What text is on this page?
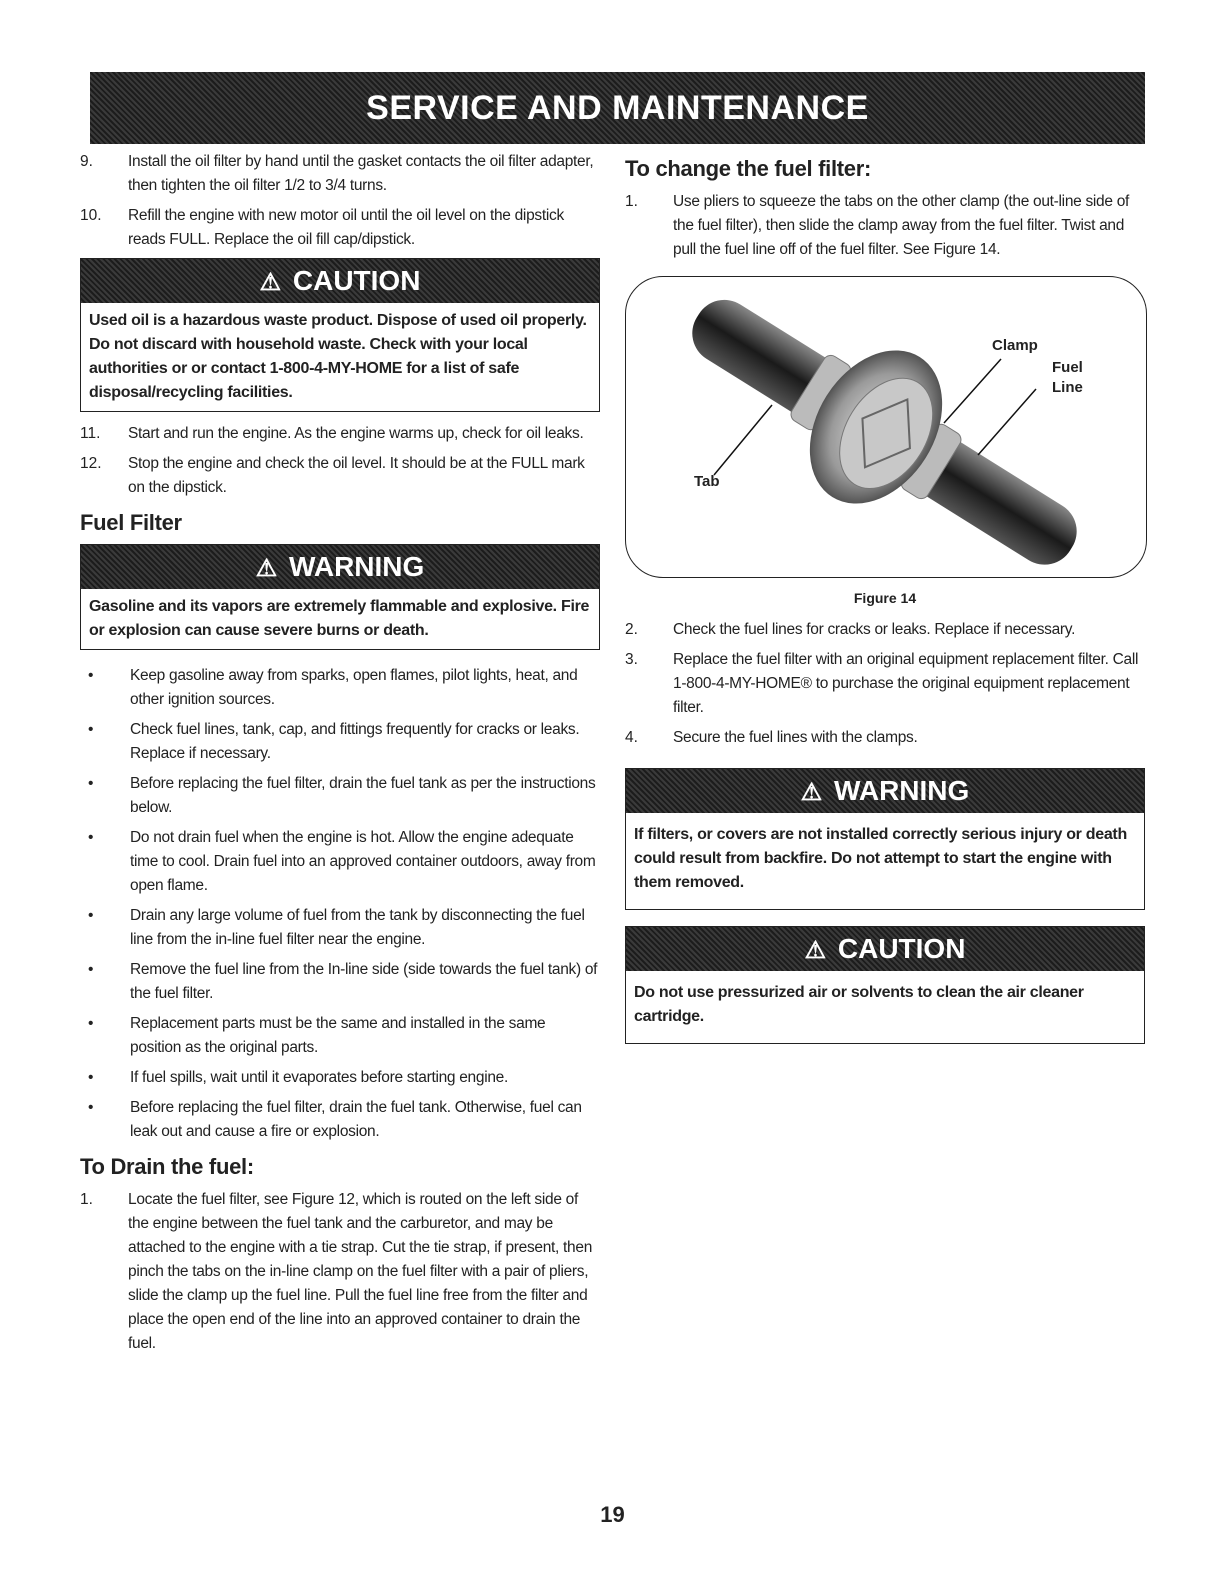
SERVICE AND MAINTENANCE
9.	Install the oil filter by hand until the gasket contacts the oil filter adapter, then tighten the oil filter 1/2 to 3/4 turns.
10.	Refill the engine with new motor oil until the oil level on the dipstick reads FULL. Replace the oil fill cap/dipstick.
⚠ CAUTION
Used oil is a hazardous waste product. Dispose of used oil properly. Do not discard with household waste. Check with your local authorities or or contact 1-800-4-MY-HOME for a list of safe disposal/recycling facilities.
11.	Start and run the engine. As the engine warms up, check for oil leaks.
12.	Stop the engine and check the oil level. It should be at the FULL mark on the dipstick.
Fuel Filter
⚠ WARNING
Gasoline and its vapors are extremely flammable and explosive. Fire or explosion can cause severe burns or death.
•	Keep gasoline away from sparks, open flames, pilot lights, heat, and other ignition sources.
•	Check fuel lines, tank, cap, and fittings frequently for cracks or leaks. Replace if necessary.
•	Before replacing the fuel filter, drain the fuel tank as per the instructions below.
•	Do not drain fuel when the engine is hot. Allow the engine adequate time to cool. Drain fuel into an approved container outdoors, away from open flame.
•	Drain any large volume of fuel from the tank by disconnecting the fuel line from the in-line fuel filter near the engine.
•	Remove the fuel line from the In-line side (side towards the fuel tank) of the fuel filter.
•	Replacement parts must be the same and installed in the same position as the original parts.
•	If fuel spills, wait until it evaporates before starting engine.
•	Before replacing the fuel filter, drain the fuel tank. Otherwise, fuel can leak out and cause a fire or explosion.
To Drain the fuel:
1.	Locate the fuel filter, see Figure 12, which is routed on the left side of the engine between the fuel tank and the carburetor, and may be attached to the engine with a tie strap. Cut the tie strap, if present, then pinch the tabs on the in-line clamp on the fuel filter with a pair of pliers, slide the clamp up the fuel line. Pull the fuel line free from the filter and place the open end of the line into an approved container to drain the fuel.
To change the fuel filter:
1.	Use pliers to squeeze the tabs on the other clamp (the out-line side of the fuel filter), then slide the clamp away from the fuel filter. Twist and pull the fuel line off of the fuel filter. See Figure 14.
Clamp
Fuel
Line
Tab
Figure 14
2.	Check the fuel lines for cracks or leaks. Replace if necessary.
3.	Replace the fuel filter with an original equipment replacement filter. Call 1-800-4-MY-HOME® to purchase the original equipment replacement filter.
4.	Secure the fuel lines with the clamps.
⚠ WARNING
If filters, or covers are not installed correctly serious injury or death could result from backfire. Do not attempt to start the engine with them removed.
⚠ CAUTION
Do not use pressurized air or solvents to clean the air cleaner cartridge.
19
